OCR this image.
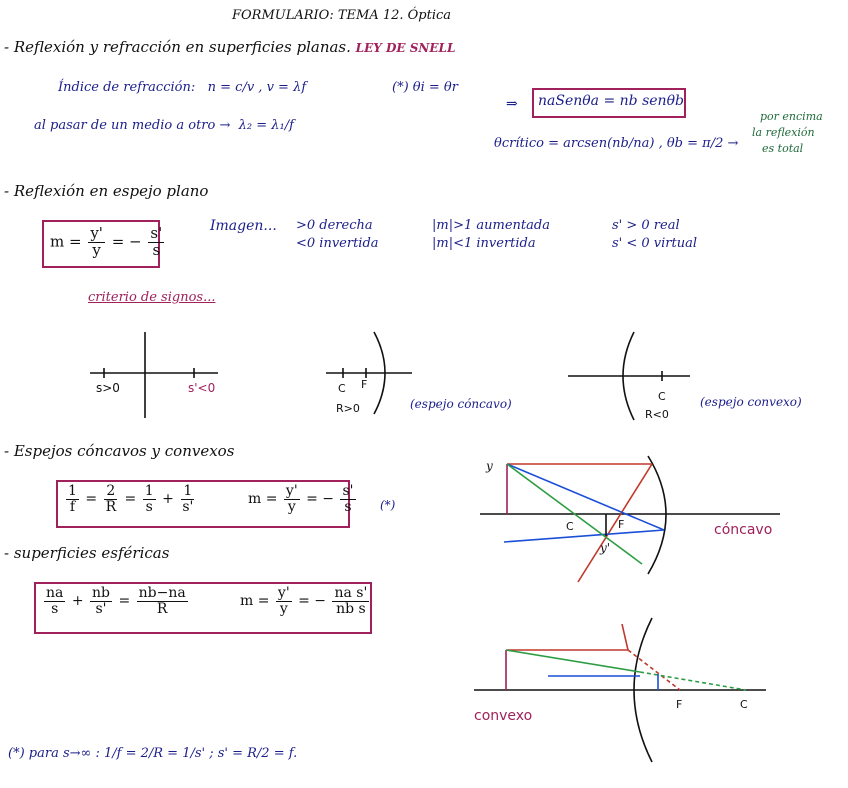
FORMULARIO: TEMA 12. Óptica
- Reflexión y refracción en superficies planas. LEY DE SNELL
Índice de refracción: n = c/v , v = λf
al pasar de un medio a otro → λ₂ = λ₁/f
(*) θi = θr
⇒ naSenθa = nb senθb
θcrítico = arcsen(nb/na) , θb = π/2 →
por encima
la reflexión
es total
- Reflexión en espejo plano
$m = \frac{y'}{y}$ = − $\frac{s'}{s}$	Imagen... >0 derecha
<0 invertida
|m|>1 aumentada
|m|<1 invertida
s' > 0 real
s' < 0 virtual
criterio de signos...
- Espejos cóncavos y convexos
$\frac{1}{f} = \frac{2}{R} = \frac{1}{s} + \frac{1}{s'}$	$m = \frac{y'}{y}$ = − $\frac{s'}{s}$ (*)
- superficies esféricas
$\frac{na}{s} + \frac{nb}{s'} = \frac{nb-na}{R}$	$m = \frac{y'}{y}$ = − $\frac{\text{na s'}}{\text{nb s}}$
(*) para s→∞ : 1/f = 2/R = 1/s' ; s' = R/2 = f.
s>0	s'<0	C F
R>0	(espejo cóncavo)
C
R<0
(espejo convexo)
y
y'
C	F	cóncavo
F	C
convexo
